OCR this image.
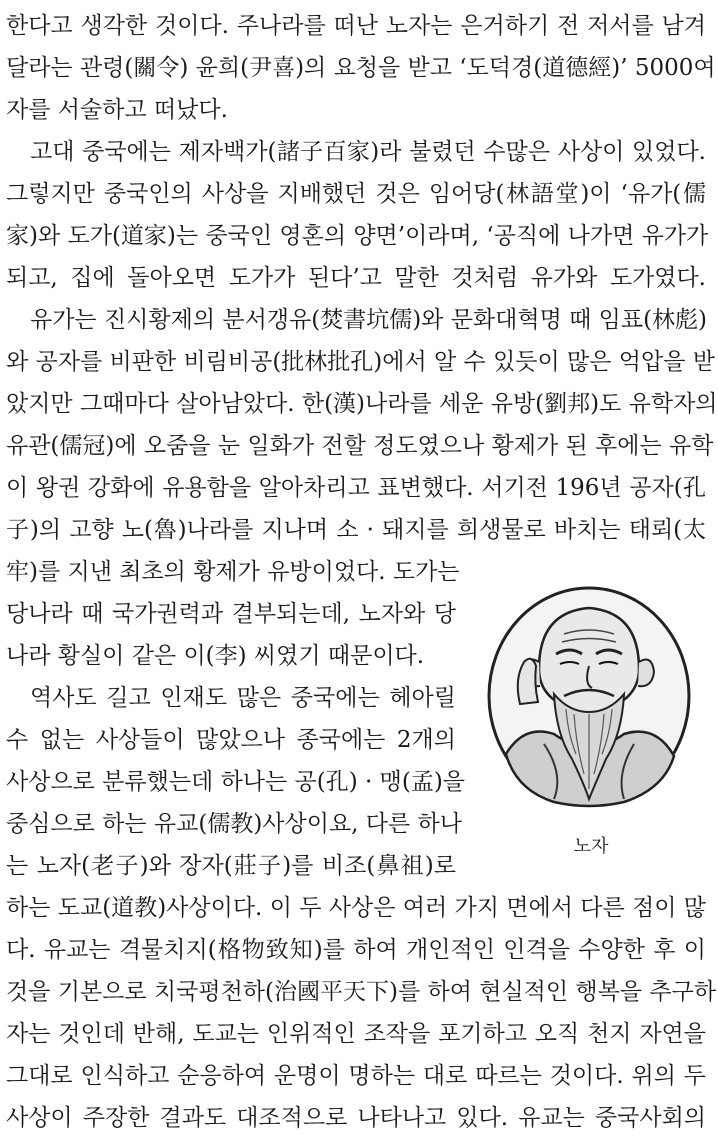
한다고 생각한 것이다. 주나라를 떠난 노자는 은거하기 전 저서를 남겨
달라는 관령(關令) 윤희(尹喜)의 요청을 받고 ‘도덕경(道德經)’ 5000여
자를 서술하고 떠났다.
고대 중국에는 제자백가(諸子百家)라 불렸던 수많은 사상이 있었다.
그렇지만 중국인의 사상을 지배했던 것은 임어당(林語堂)이 ‘유가(儒
家)와 도가(道家)는 중국인 영혼의 양면’이라며, ‘공직에 나가면 유가가
되고, 집에 돌아오면 도가가 된다’고 말한 것처럼 유가와 도가였다.
유가는 진시황제의 분서갱유(焚書坑儒)와 문화대혁명 때 임표(林彪)
와 공자를 비판한 비림비공(批林批孔)에서 알 수 있듯이 많은 억압을 받
았지만 그때마다 살아남았다. 한(漢)나라를 세운 유방(劉邦)도 유학자의
유관(儒冠)에 오줌을 눈 일화가 전할 정도였으나 황제가 된 후에는 유학
이 왕권 강화에 유용함을 알아차리고 표변했다. 서기전 196년 공자(孔
子)의 고향 노(魯)나라를 지나며 소 · 돼지를 희생물로 바치는 태뢰(太
牢)를 지낸 최초의 황제가 유방이었다. 도가는
당나라 때 국가권력과 결부되는데, 노자와 당
나라 황실이 같은 이(李) 씨였기 때문이다.
역사도 길고 인재도 많은 중국에는 헤아릴
수 없는 사상들이 많았으나 종국에는 2개의
사상으로 분류했는데 하나는 공(孔) · 맹(孟)을
중심으로 하는 유교(儒教)사상이요, 다른 하나
는 노자(老子)와 장자(莊子)를 비조(鼻祖)로
하는 도교(道教)사상이다. 이 두 사상은 여러 가지 면에서 다른 점이 많
다. 유교는 격물치지(格物致知)를 하여 개인적인 인격을 수양한 후 이
것을 기본으로 치국평천하(治國平天下)를 하여 현실적인 행복을 추구하
자는 것인데 반해, 도교는 인위적인 조작을 포기하고 오직 천지 자연을
그대로 인식하고 순응하여 운명이 명하는 대로 따르는 것이다. 위의 두
사상이 주장한 결과도 대조적으로 나타나고 있다. 유교는 중국사회의
노자
